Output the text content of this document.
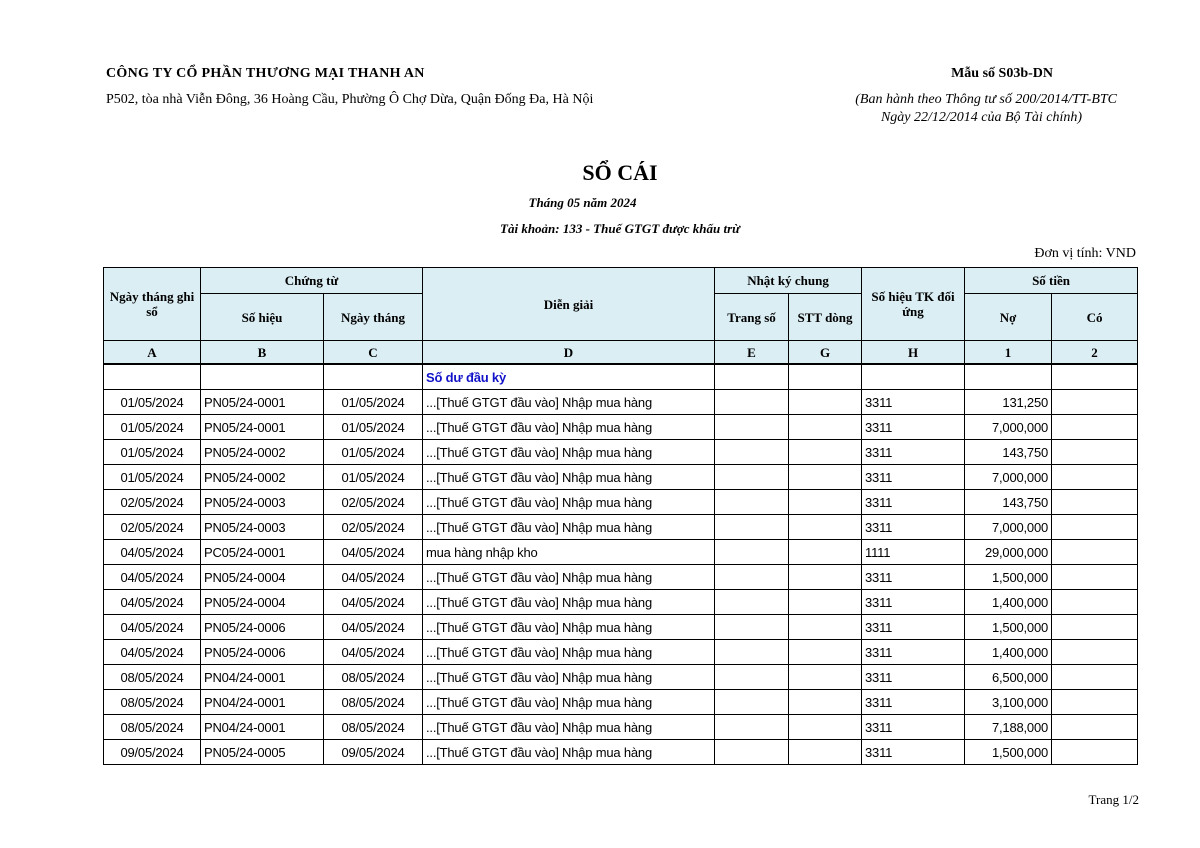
CÔNG TY CỔ PHẦN THƯƠNG MẠI THANH AN
P502, tòa nhà Viễn Đông, 36 Hoàng Cầu, Phường Ô Chợ Dừa, Quận Đống Đa, Hà Nội
Mẫu số S03b-DN
(Ban hành theo Thông tư số 200/2014/TT-BTC
Ngày 22/12/2014 của Bộ Tài chính)
SỔ CÁI
Tháng 05 năm 2024
Tài khoản: 133 - Thuế GTGT được khấu trừ
Đơn vị tính: VND
Ngày tháng ghi sổ	Chứng từ		Diễn giải	Nhật ký chung		Số hiệu TK đối ứng	Số tiền	
	Số hiệu	Ngày tháng		Trang số	STT dòng		Nợ	Có
A	B	C	D	E	G	H	1	2
			Số dư đầu kỳ					
01/05/2024	PN05/24-0001	01/05/2024	...[Thuế GTGT đầu vào] Nhập mua hàng			3311	131,250	
01/05/2024	PN05/24-0001	01/05/2024	...[Thuế GTGT đầu vào] Nhập mua hàng			3311	7,000,000	
01/05/2024	PN05/24-0002	01/05/2024	...[Thuế GTGT đầu vào] Nhập mua hàng			3311	143,750	
01/05/2024	PN05/24-0002	01/05/2024	...[Thuế GTGT đầu vào] Nhập mua hàng			3311	7,000,000	
02/05/2024	PN05/24-0003	02/05/2024	...[Thuế GTGT đầu vào] Nhập mua hàng			3311	143,750	
02/05/2024	PN05/24-0003	02/05/2024	...[Thuế GTGT đầu vào] Nhập mua hàng			3311	7,000,000	
04/05/2024	PC05/24-0001	04/05/2024	mua hàng nhập kho			1111	29,000,000	
04/05/2024	PN05/24-0004	04/05/2024	...[Thuế GTGT đầu vào] Nhập mua hàng			3311	1,500,000	
04/05/2024	PN05/24-0004	04/05/2024	...[Thuế GTGT đầu vào] Nhập mua hàng			3311	1,400,000	
04/05/2024	PN05/24-0006	04/05/2024	...[Thuế GTGT đầu vào] Nhập mua hàng			3311	1,500,000	
04/05/2024	PN05/24-0006	04/05/2024	...[Thuế GTGT đầu vào] Nhập mua hàng			3311	1,400,000	
08/05/2024	PN04/24-0001	08/05/2024	...[Thuế GTGT đầu vào] Nhập mua hàng			3311	6,500,000	
08/05/2024	PN04/24-0001	08/05/2024	...[Thuế GTGT đầu vào] Nhập mua hàng			3311	3,100,000	
08/05/2024	PN04/24-0001	08/05/2024	...[Thuế GTGT đầu vào] Nhập mua hàng			3311	7,188,000	
09/05/2024	PN05/24-0005	09/05/2024	...[Thuế GTGT đầu vào] Nhập mua hàng			3311	1,500,000	
Trang 1/2
